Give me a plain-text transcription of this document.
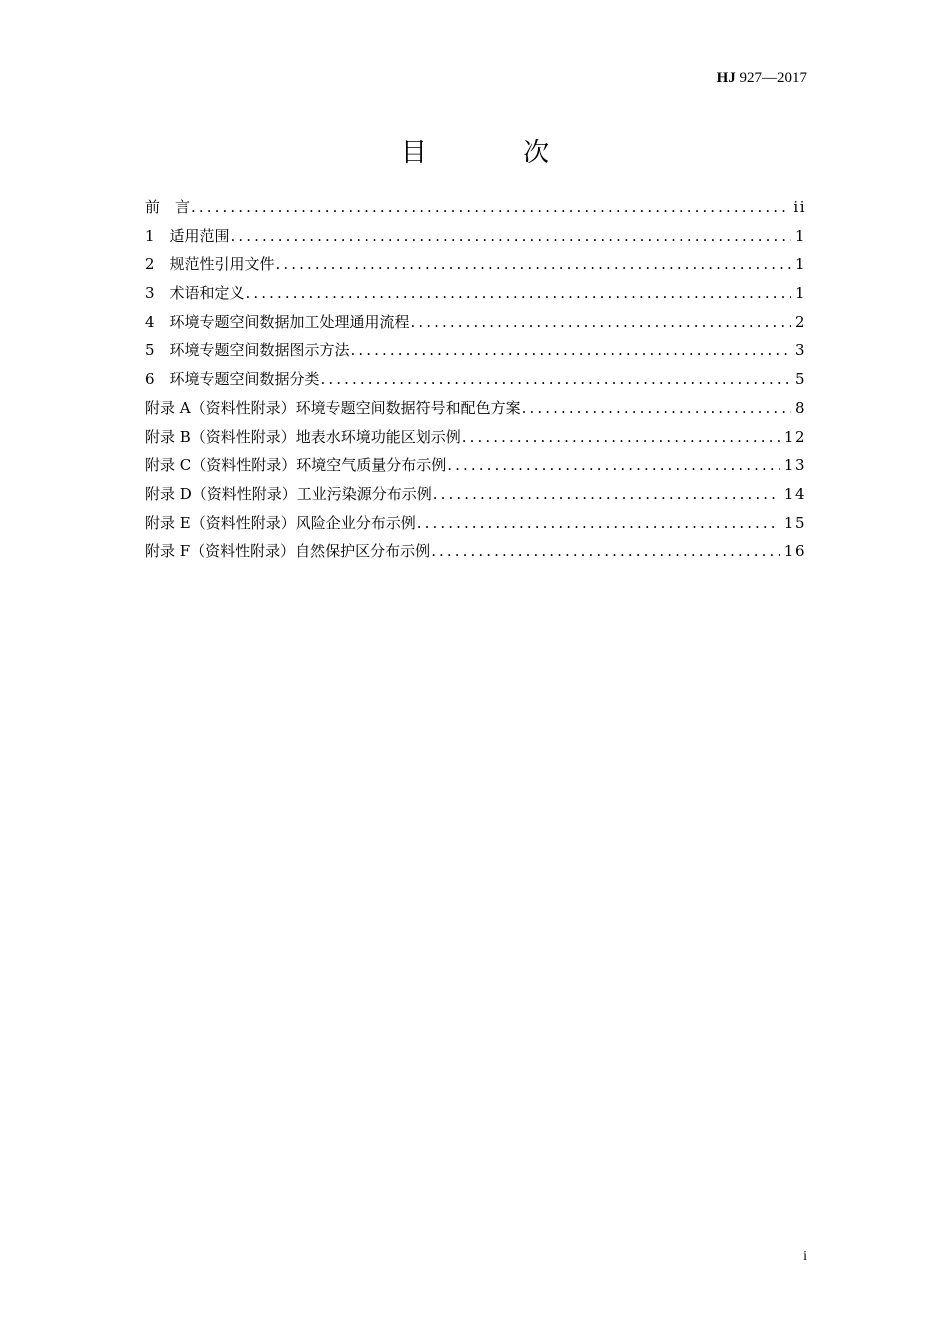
HJ 927—2017
目 次
前　言 .....	ii
1　适用范围 .....	1
2　规范性引用文件 .....	1
3　术语和定义 .....	1
4　环境专题空间数据加工处理通用流程 .....	2
5　环境专题空间数据图示方法 .....	3
6　环境专题空间数据分类 .....	5
附录 A（资料性附录）环境专题空间数据符号和配色方案 .....	8
附录 B（资料性附录）地表水环境功能区划示例 .....	12
附录 C（资料性附录）环境空气质量分布示例 .....	13
附录 D（资料性附录）工业污染源分布示例 .....	14
附录 E（资料性附录）风险企业分布示例 .....	15
附录 F（资料性附录）自然保护区分布示例 .....	16
i
